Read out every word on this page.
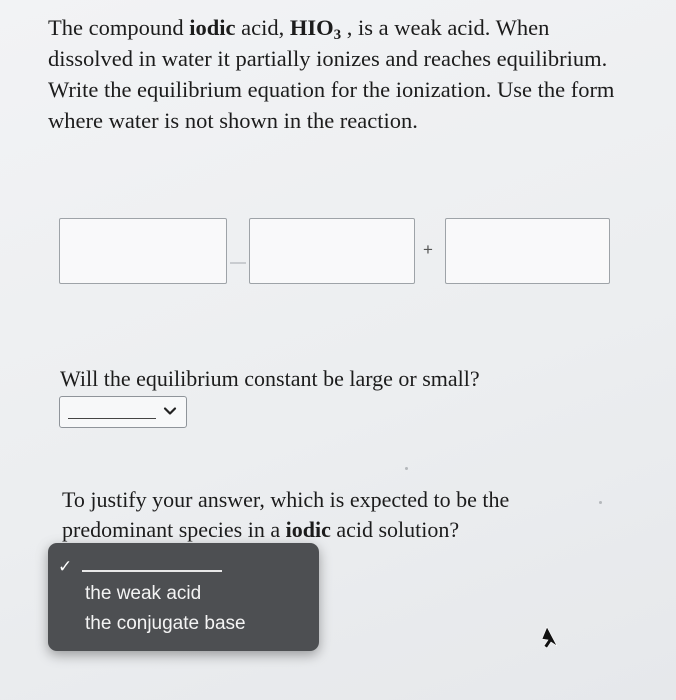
The compound iodic acid, $HIO_3$ , is a weak acid. When dissolved in water it partially ionizes and reaches equilibrium. Write the equilibrium equation for the ionization. Use the form where water is not shown in the reaction.
+
Will the equilibrium constant be large or small?
To justify your answer, which is expected to be the predominant species in a iodic acid solution?
✓
the weak acid
the conjugate base
